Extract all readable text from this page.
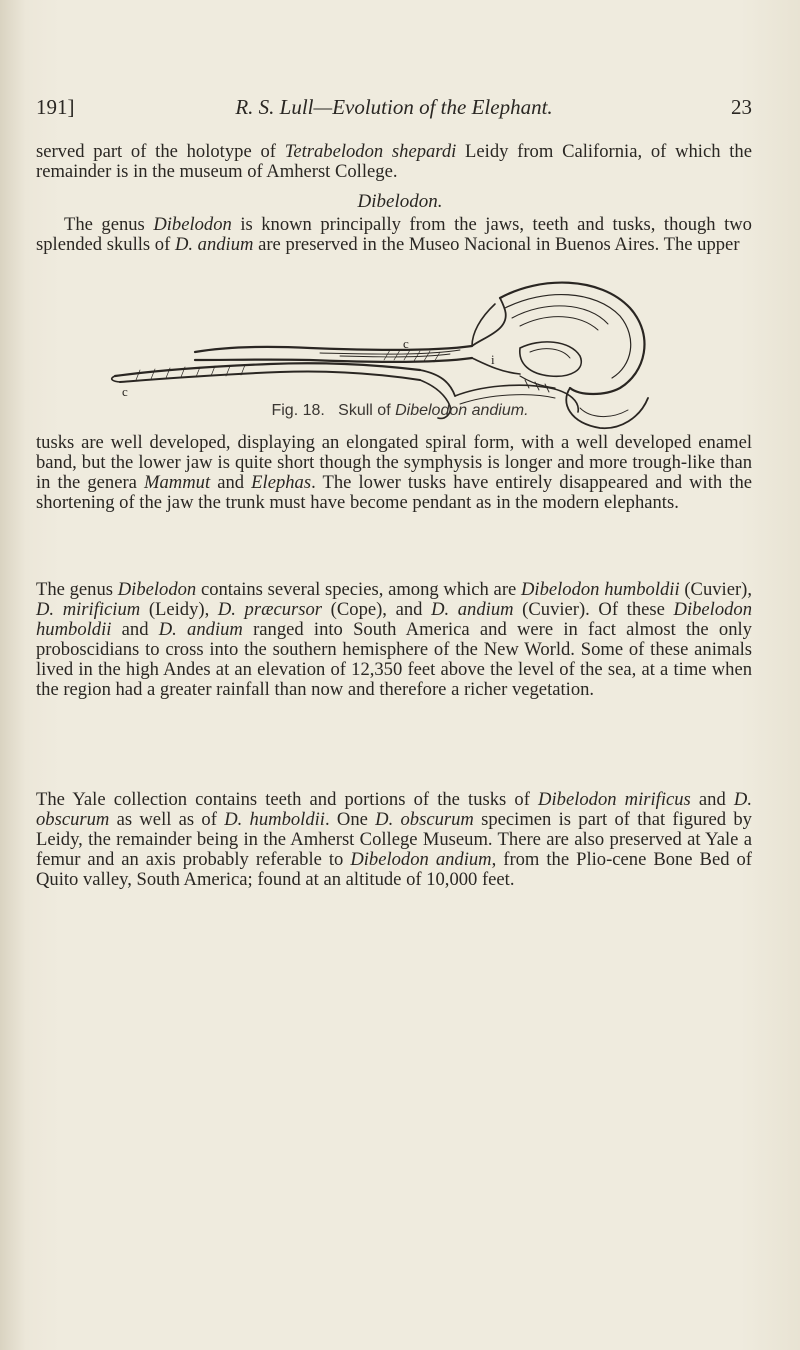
191]	R. S. Lull—Evolution of the Elephant.	23

served part of the holotype of Tetrabelodon shepardi Leidy from California, of which the remainder is in the museum of Amherst College.

Dibelodon.

The genus Dibelodon is known principally from the jaws, teeth and tusks, though two splended skulls of D. andium are preserved in the Museo Nacional in Buenos Aires. The upper

c
c
i
Fig. 18. Skull of Dibelodon andium.

tusks are well developed, displaying an elongated spiral form, with a well developed enamel band, but the lower jaw is quite short though the symphysis is longer and more trough-like than in the genera Mammut and Elephas. The lower tusks have entirely disappeared and with the shortening of the jaw the trunk must have become pendant as in the modern elephants.

The genus Dibelodon contains several species, among which are Dibelodon humboldii (Cuvier), D. mirificium (Leidy), D. præcursor (Cope), and D. andium (Cuvier). Of these Dibelodon humboldii and D. andium ranged into South America and were in fact almost the only proboscidians to cross into the southern hemisphere of the New World. Some of these animals lived in the high Andes at an elevation of 12,350 feet above the level of the sea, at a time when the region had a greater rainfall than now and therefore a richer vegetation.

The Yale collection contains teeth and portions of the tusks of Dibelodon mirificus and D. obscurum as well as of D. humboldii. One D. obscurum specimen is part of that figured by Leidy, the remainder being in the Amherst College Museum. There are also preserved at Yale a femur and an axis probably referable to Dibelodon andium, from the Plio-cene Bone Bed of Quito valley, South America; found at an altitude of 10,000 feet.
